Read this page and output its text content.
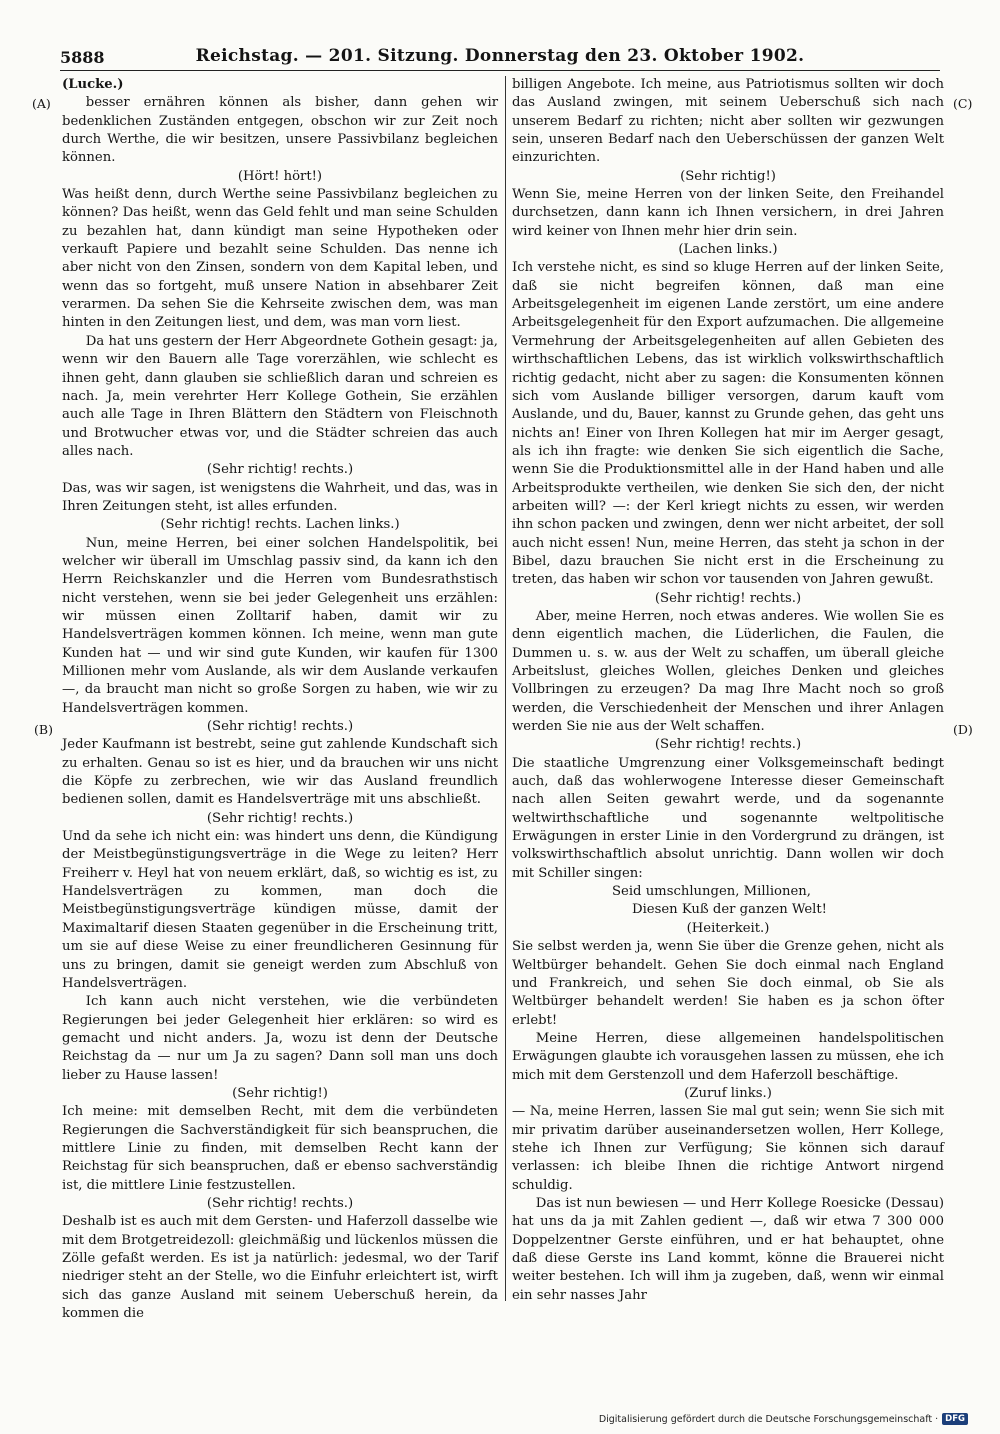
5888	Reichstag. — 201. Sitzung. Donnerstag den 23. Oktober 1902.
(A)
(B)
(C)
(D)

(Lucke.)

besser ernähren können als bisher, dann gehen wir bedenklichen Zuständen entgegen, obschon wir zur Zeit noch durch Werthe, die wir besitzen, unsere Passivbilanz begleichen können.

(Hört! hört!)

Was heißt denn, durch Werthe seine Passivbilanz begleichen zu können? Das heißt, wenn das Geld fehlt und man seine Schulden zu bezahlen hat, dann kündigt man seine Hypotheken oder verkauft Papiere und bezahlt seine Schulden. Das nenne ich aber nicht von den Zinsen, sondern von dem Kapital leben, und wenn das so fortgeht, muß unsere Nation in absehbarer Zeit verarmen. Da sehen Sie die Kehrseite zwischen dem, was man hinten in den Zeitungen liest, und dem, was man vorn liest.

Da hat uns gestern der Herr Abgeordnete Gothein gesagt: ja, wenn wir den Bauern alle Tage vorerzählen, wie schlecht es ihnen geht, dann glauben sie schließlich daran und schreien es nach. Ja, mein verehrter Herr Kollege Gothein, Sie erzählen auch alle Tage in Ihren Blättern den Städtern von Fleischnoth und Brotwucher etwas vor, und die Städter schreien das auch alles nach.

(Sehr richtig! rechts.)

Das, was wir sagen, ist wenigstens die Wahrheit, und das, was in Ihren Zeitungen steht, ist alles erfunden.

(Sehr richtig! rechts. Lachen links.)

Nun, meine Herren, bei einer solchen Handelspolitik, bei welcher wir überall im Umschlag passiv sind, da kann ich den Herrn Reichskanzler und die Herren vom Bundesrathstisch nicht verstehen, wenn sie bei jeder Gelegenheit uns erzählen: wir müssen einen Zolltarif haben, damit wir zu Handelsverträgen kommen können. Ich meine, wenn man gute Kunden hat — und wir sind gute Kunden, wir kaufen für 1300 Millionen mehr vom Auslande, als wir dem Auslande verkaufen —, da braucht man nicht so große Sorgen zu haben, wie wir zu Handelsverträgen kommen.

(Sehr richtig! rechts.)

Jeder Kaufmann ist bestrebt, seine gut zahlende Kundschaft sich zu erhalten. Genau so ist es hier, und da brauchen wir uns nicht die Köpfe zu zerbrechen, wie wir das Ausland freundlich bedienen sollen, damit es Handelsverträge mit uns abschließt.

(Sehr richtig! rechts.)

Und da sehe ich nicht ein: was hindert uns denn, die Kündigung der Meistbegünstigungsverträge in die Wege zu leiten? Herr Freiherr v. Heyl hat von neuem erklärt, daß, so wichtig es ist, zu Handelsverträgen zu kommen, man doch die Meistbegünstigungsverträge kündigen müsse, damit der Maximaltarif diesen Staaten gegenüber in die Erscheinung tritt, um sie auf diese Weise zu einer freundlicheren Gesinnung für uns zu bringen, damit sie geneigt werden zum Abschluß von Handelsverträgen.

Ich kann auch nicht verstehen, wie die verbündeten Regierungen bei jeder Gelegenheit hier erklären: so wird es gemacht und nicht anders. Ja, wozu ist denn der Deutsche Reichstag da — nur um Ja zu sagen? Dann soll man uns doch lieber zu Hause lassen!

(Sehr richtig!)

Ich meine: mit demselben Recht, mit dem die verbündeten Regierungen die Sachverständigkeit für sich beanspruchen, die mittlere Linie zu finden, mit demselben Recht kann der Reichstag für sich beanspruchen, daß er ebenso sachverständig ist, die mittlere Linie festzustellen.

(Sehr richtig! rechts.)

Deshalb ist es auch mit dem Gersten- und Haferzoll dasselbe wie mit dem Brotgetreidezoll: gleichmäßig und lückenlos müssen die Zölle gefaßt werden. Es ist ja natürlich: jedesmal, wo der Tarif niedriger steht an der Stelle, wo die Einfuhr erleichtert ist, wirft sich das ganze Ausland mit seinem Ueberschuß herein, da kommen die

billigen Angebote. Ich meine, aus Patriotismus sollten wir doch das Ausland zwingen, mit seinem Ueberschuß sich nach unserem Bedarf zu richten; nicht aber sollten wir gezwungen sein, unseren Bedarf nach den Ueberschüssen der ganzen Welt einzurichten.

(Sehr richtig!)

Wenn Sie, meine Herren von der linken Seite, den Freihandel durchsetzen, dann kann ich Ihnen versichern, in drei Jahren wird keiner von Ihnen mehr hier drin sein.

(Lachen links.)

Ich verstehe nicht, es sind so kluge Herren auf der linken Seite, daß sie nicht begreifen können, daß man eine Arbeitsgelegenheit im eigenen Lande zerstört, um eine andere Arbeitsgelegenheit für den Export aufzumachen. Die allgemeine Vermehrung der Arbeitsgelegenheiten auf allen Gebieten des wirthschaftlichen Lebens, das ist wirklich volkswirthschaftlich richtig gedacht, nicht aber zu sagen: die Konsumenten können sich vom Auslande billiger versorgen, darum kauft vom Auslande, und du, Bauer, kannst zu Grunde gehen, das geht uns nichts an! Einer von Ihren Kollegen hat mir im Aerger gesagt, als ich ihn fragte: wie denken Sie sich eigentlich die Sache, wenn Sie die Produktionsmittel alle in der Hand haben und alle Arbeitsprodukte vertheilen, wie denken Sie sich den, der nicht arbeiten will? —: der Kerl kriegt nichts zu essen, wir werden ihn schon packen und zwingen, denn wer nicht arbeitet, der soll auch nicht essen! Nun, meine Herren, das steht ja schon in der Bibel, dazu brauchen Sie nicht erst in die Erscheinung zu treten, das haben wir schon vor tausenden von Jahren gewußt.

(Sehr richtig! rechts.)

Aber, meine Herren, noch etwas anderes. Wie wollen Sie es denn eigentlich machen, die Lüderlichen, die Faulen, die Dummen u. s. w. aus der Welt zu schaffen, um überall gleiche Arbeitslust, gleiches Wollen, gleiches Denken und gleiches Vollbringen zu erzeugen? Da mag Ihre Macht noch so groß werden, die Verschiedenheit der Menschen und ihrer Anlagen werden Sie nie aus der Welt schaffen.

(Sehr richtig! rechts.)

Die staatliche Umgrenzung einer Volksgemeinschaft bedingt auch, daß das wohlerwogene Interesse dieser Gemeinschaft nach allen Seiten gewahrt werde, und da sogenannte weltwirthschaftliche und sogenannte weltpolitische Erwägungen in erster Linie in den Vordergrund zu drängen, ist volkswirthschaftlich absolut unrichtig. Dann wollen wir doch mit Schiller singen:

Seid umschlungen, Millionen,

Diesen Kuß der ganzen Welt!

(Heiterkeit.)

Sie selbst werden ja, wenn Sie über die Grenze gehen, nicht als Weltbürger behandelt. Gehen Sie doch einmal nach England und Frankreich, und sehen Sie doch einmal, ob Sie als Weltbürger behandelt werden! Sie haben es ja schon öfter erlebt!

Meine Herren, diese allgemeinen handelspolitischen Erwägungen glaubte ich vorausgehen lassen zu müssen, ehe ich mich mit dem Gerstenzoll und dem Haferzoll beschäftige.

(Zuruf links.)

— Na, meine Herren, lassen Sie mal gut sein; wenn Sie sich mit mir privatim darüber auseinandersetzen wollen, Herr Kollege, stehe ich Ihnen zur Verfügung; Sie können sich darauf verlassen: ich bleibe Ihnen die richtige Antwort nirgend schuldig.

Das ist nun bewiesen — und Herr Kollege Roesicke (Dessau) hat uns da ja mit Zahlen gedient —, daß wir etwa 7 300 000 Doppelzentner Gerste einführen, und er hat behauptet, ohne daß diese Gerste ins Land kommt, könne die Brauerei nicht weiter bestehen. Ich will ihm ja zugeben, daß, wenn wir einmal ein sehr nasses Jahr

Digitalisierung gefördert durch die Deutsche Forschungsgemeinschaft · DFG
